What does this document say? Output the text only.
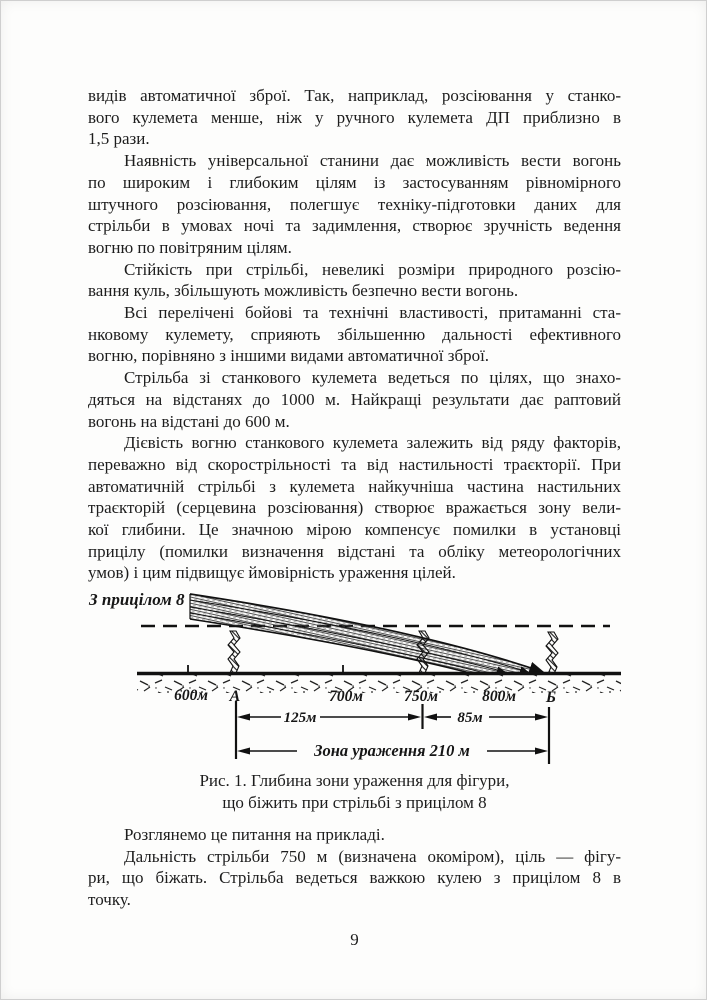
видів автоматичної зброї. Так, наприклад, розсіювання у станко-
вого кулемета менше, ніж у ручного кулемета ДП приблизно в
1,5 рази.
Наявність універсальної станини дає можливість вести вогонь
по широким і глибоким цілям із застосуванням рівномірного
штучного розсіювання, полегшує техніку-підготовки даних для
стрільби в умовах ночі та задимлення, створює зручність ведення
вогню по повітряним цілям.
Стійкість при стрільбі, невеликі розміри природного розсію-
вання куль, збільшують можливість безпечно вести вогонь.
Всі перелічені бойові та технічні властивості, притаманні ста-
нковому кулемету, сприяють збільшенню дальності ефективного
вогню, порівняно з іншими видами автоматичної зброї.
Стрільба зі станкового кулемета ведеться по цілях, що знахо-
дяться на відстанях до 1000 м. Найкращі результати дає раптовий
вогонь на відстані до 600 м.
Дієвість вогню станкового кулемета залежить від ряду факторів,
переважно від скорострільності та від настильності траєкторії. При
автоматичній стрільбі з кулемета найкучніша частина настильних
траєкторій (серцевина розсіювання) створює вражається зону вели-
кої глибини. Це значною мірою компенсує помилки в установці
прицілу (помилки визначення відстані та обліку метеорологічних
умов) і цим підвищує ймовірність ураження цілей.
З прицілом 8
600м А	700м	750м	800м Б
125м	85м
Зона ураження 210 м
Рис. 1. Глибина зони ураження для фігури,
що біжить при стрільбі з прицілом 8
Розглянемо це питання на прикладі.
Дальність стрільби 750 м (визначена окоміром), ціль — фігу-
ри, що біжать. Стрільба ведеться важкою кулею з прицілом 8 в
точку.
9
